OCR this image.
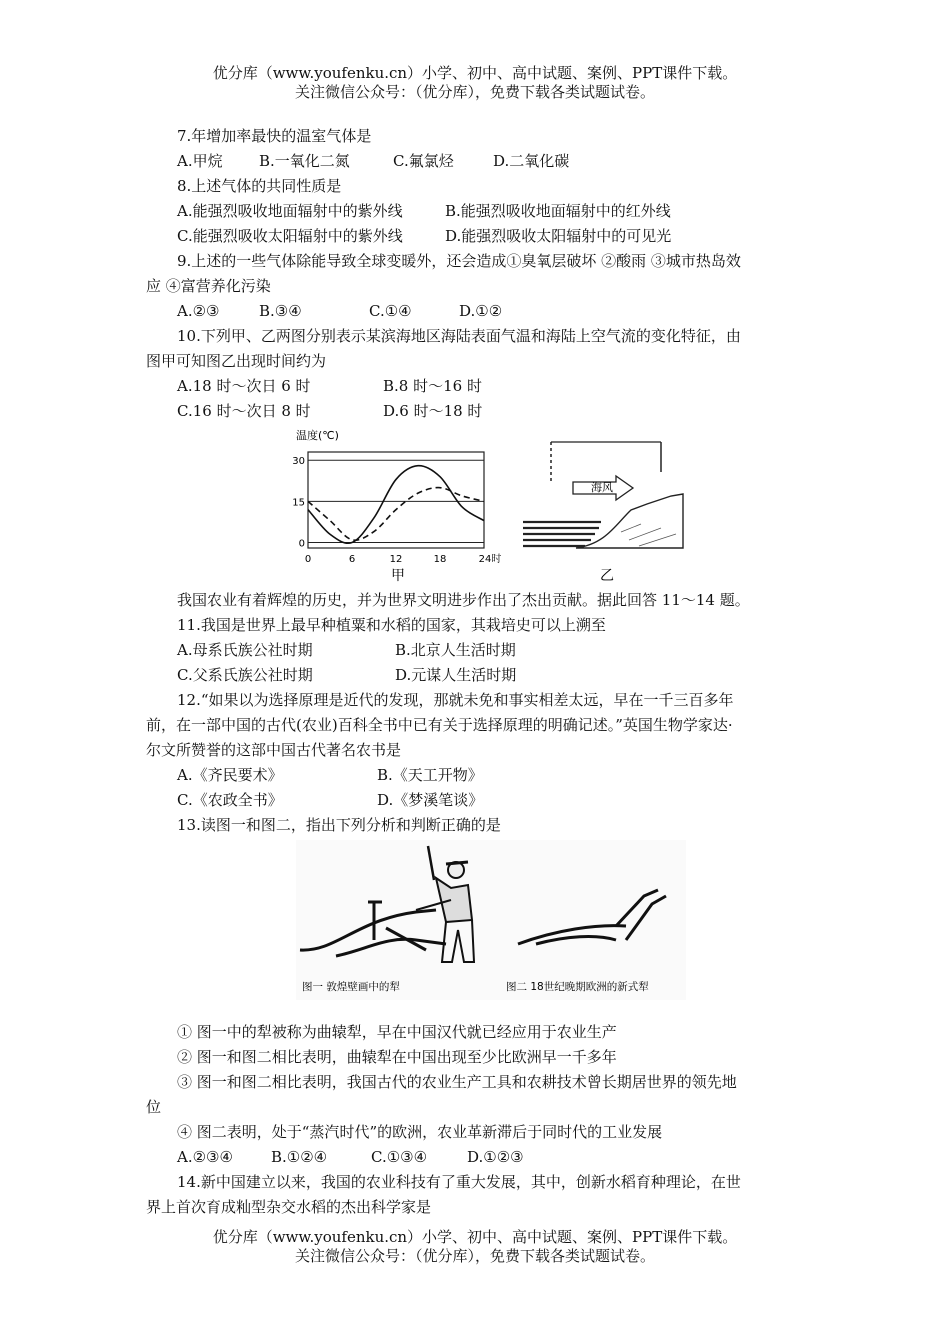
优分库（www.youfenku.cn）小学、初中、高中试题、案例、PPT课件下载。
关注微信公众号：（优分库），免费下载各类试题试卷。
7.年增加率最快的温室气体是
A.甲烷 B.一氧化二氮	C.氟氯烃	D.二氧化碳
8.上述气体的共同性质是
A.能强烈吸收地面辐射中的紫外线	B.能强烈吸收地面辐射中的红外线
C.能强烈吸收太阳辐射中的紫外线	D.能强烈吸收太阳辐射中的可见光
9.上述的一些气体除能导致全球变暖外，还会造成①臭氧层破坏 ②酸雨 ③城市热岛效
应 ④富营养化污染
A.②③	B.③④	C.①④	D.①②
10.下列甲、乙两图分别表示某滨海地区海陆表面气温和海陆上空气流的变化特征，由
图甲可知图乙出现时间约为
A.18 时～次日 6 时	B.8 时～16 时
C.16 时～次日 8 时	D.6 时～18 时
温度(℃)
0
15
30
0	6	12	18	24时
甲
海风
乙
我国农业有着辉煌的历史，并为世界文明进步作出了杰出贡献。据此回答 11～14 题。
11.我国是世界上最早种植粟和水稻的国家，其栽培史可以上溯至
A.母系氏族公社时期	B.北京人生活时期
C.父系氏族公社时期	D.元谋人生活时期
12.“如果以为选择原理是近代的发现，那就未免和事实相差太远，早在一千三百多年
前，在一部中国的古代(农业)百科全书中已有关于选择原理的明确记述。”英国生物学家达·
尔文所赞誉的这部中国古代著名农书是
A.《齐民要术》	B.《天工开物》
C.《农政全书》	D.《梦溪笔谈》
13.读图一和图二，指出下列分析和判断正确的是
图一 敦煌壁画中的犁	图二 18世纪晚期欧洲的新式犁
① 图一中的犁被称为曲辕犁，早在中国汉代就已经应用于农业生产
② 图一和图二相比表明，曲辕犁在中国出现至少比欧洲早一千多年
③ 图一和图二相比表明，我国古代的农业生产工具和农耕技术曾长期居世界的领先地
位
④ 图二表明，处于“蒸汽时代”的欧洲，农业革新滞后于同时代的工业发展
A.②③④	B.①②④	C.①③④	D.①②③
14.新中国建立以来，我国的农业科技有了重大发展，其中，创新水稻育种理论，在世
界上首次育成籼型杂交水稻的杰出科学家是
优分库（www.youfenku.cn）小学、初中、高中试题、案例、PPT课件下载。
关注微信公众号：（优分库），免费下载各类试题试卷。
